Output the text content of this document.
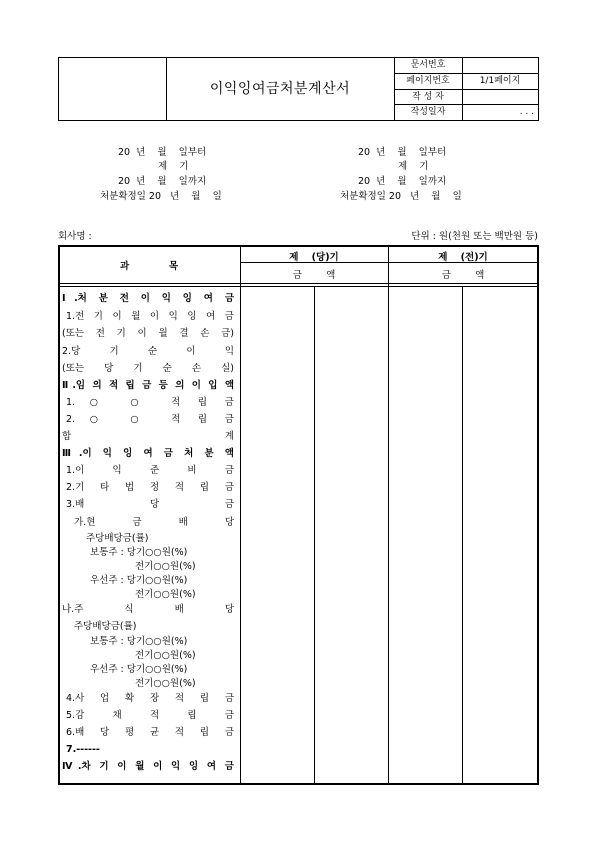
이익잉여금처분계산서
문서번호
페이지번호	1/1페이지
작 성 자
작성일자	. . .
20  년    월    일부터
제    기
20  년    월    일까지
처분확정일 20   년    월    일
20  년    월    일부터
제    기
20  년    월    일까지
처분확정일 20   년    월    일
회사명 :	단위 : 원(천원 또는 백만원 등)
과            목
제    (당)기	제    (전)기
금        액	금        액
Ⅰ.처 분 전 이 익 잉 여 금
1.전 기 이 월 이 익 잉 여 금
(또는 전 기 이 월 결 손 금)
2.당 기 순 이 익
(또는 당 기 순 손 실)
Ⅱ.임 의 적 립 금 등 의 이 입 액
1.○ ○ 적 립 금
2.○ ○ 적 립 금
합 계
Ⅲ.이 익 잉 여 금 처 분 액
1.이 익 준 비 금
2.기 타 법 정 적 립 금
3.배 당 금
가.현 금 배 당
주당배당금(률)
보통주 : 당기○○원(%)
전기○○원(%)
우선주 : 당기○○원(%)
전기○○원(%)
나.주 식 배 당
주당배당금(률)
보통주 : 당기○○원(%)
전기○○원(%)
우선주 : 당기○○원(%)
전기○○원(%)
4.사 업 확 장 적 립 금
5.감 채 적 립 금
6.배 당 평 균 적 립 금
7.------
Ⅳ.차 기 이 월 이 익 잉 여 금
